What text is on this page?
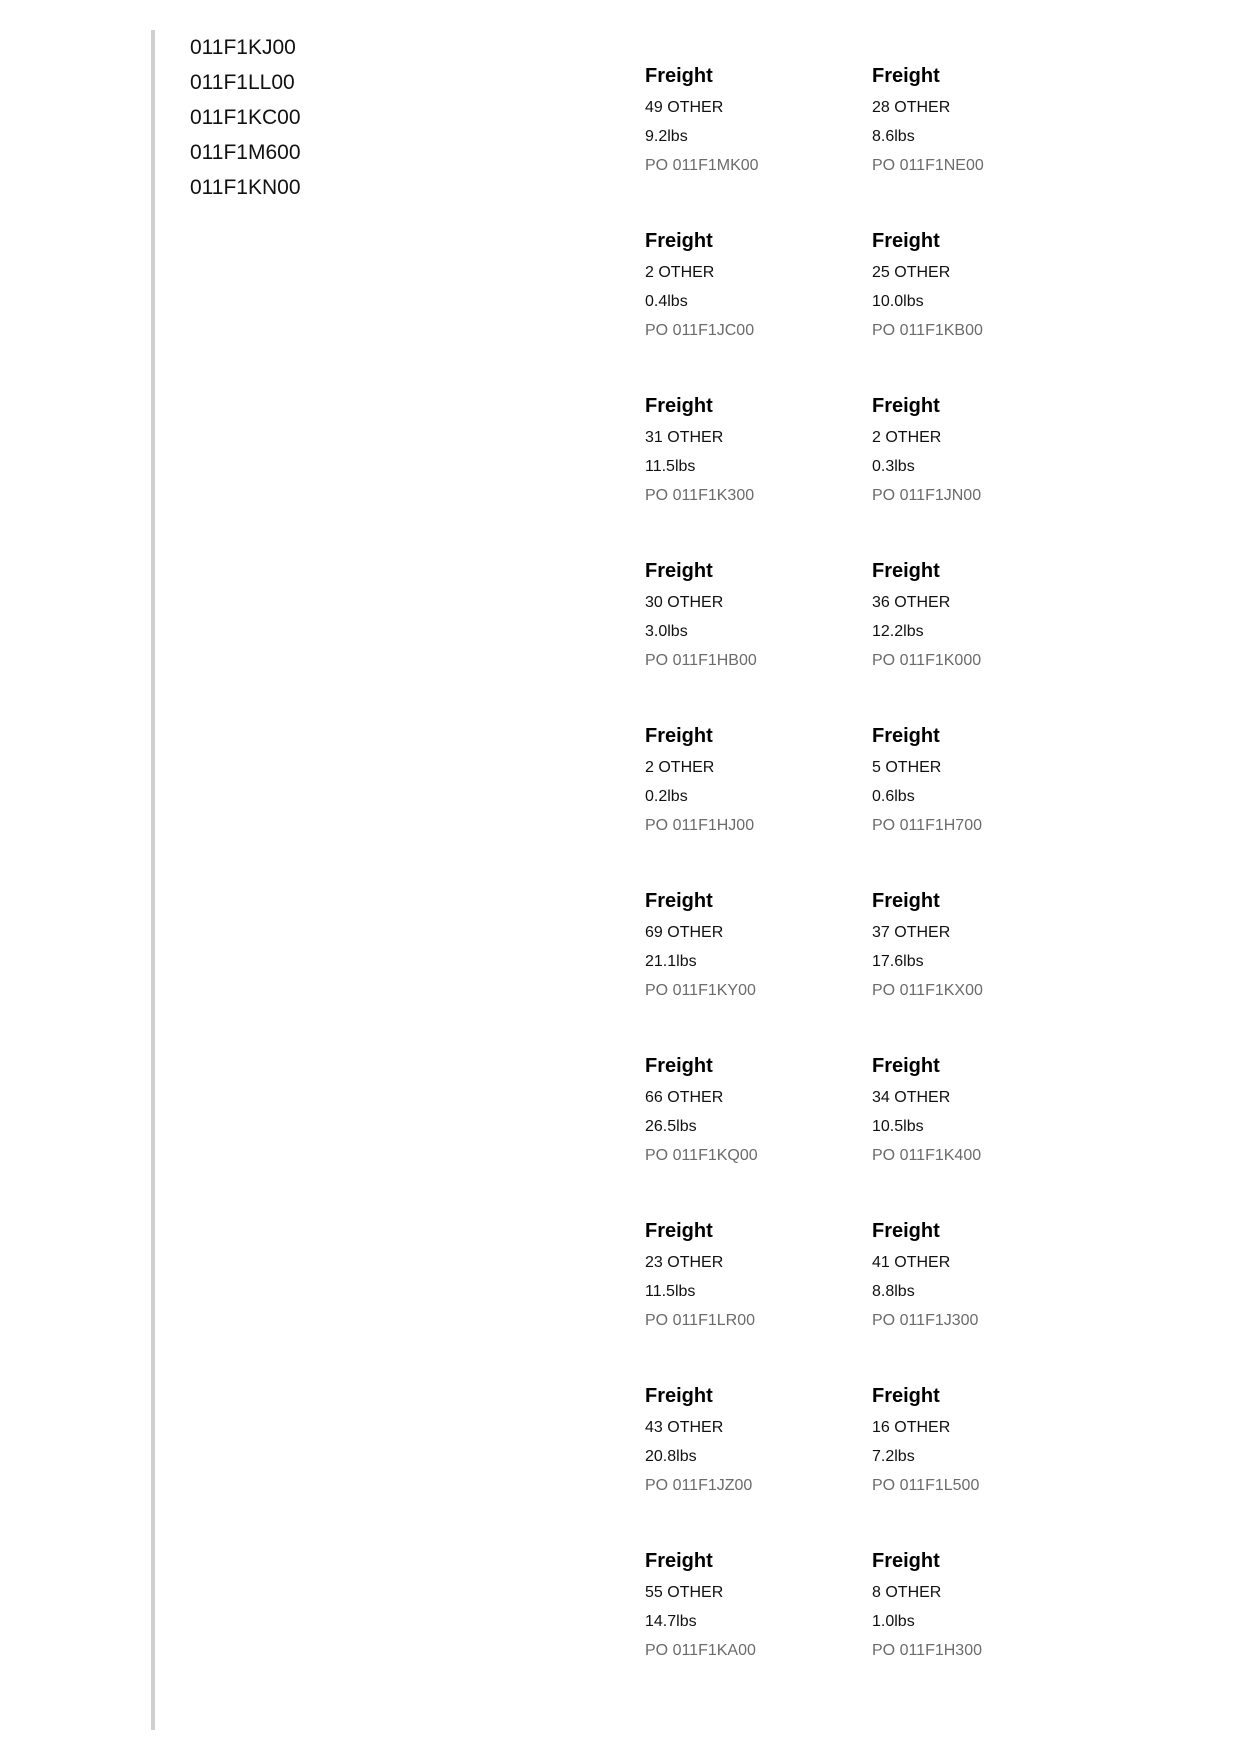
011F1KJ00
011F1LL00
011F1KC00
011F1M600
011F1KN00
Freight
49 OTHER
9.2lbs
PO 011F1MK00
Freight
28 OTHER
8.6lbs
PO 011F1NE00
Freight
2 OTHER
0.4lbs
PO 011F1JC00
Freight
25 OTHER
10.0lbs
PO 011F1KB00
Freight
31 OTHER
11.5lbs
PO 011F1K300
Freight
2 OTHER
0.3lbs
PO 011F1JN00
Freight
30 OTHER
3.0lbs
PO 011F1HB00
Freight
36 OTHER
12.2lbs
PO 011F1K000
Freight
2 OTHER
0.2lbs
PO 011F1HJ00
Freight
5 OTHER
0.6lbs
PO 011F1H700
Freight
69 OTHER
21.1lbs
PO 011F1KY00
Freight
37 OTHER
17.6lbs
PO 011F1KX00
Freight
66 OTHER
26.5lbs
PO 011F1KQ00
Freight
34 OTHER
10.5lbs
PO 011F1K400
Freight
23 OTHER
11.5lbs
PO 011F1LR00
Freight
41 OTHER
8.8lbs
PO 011F1J300
Freight
43 OTHER
20.8lbs
PO 011F1JZ00
Freight
16 OTHER
7.2lbs
PO 011F1L500
Freight
55 OTHER
14.7lbs
PO 011F1KA00
Freight
8 OTHER
1.0lbs
PO 011F1H300
